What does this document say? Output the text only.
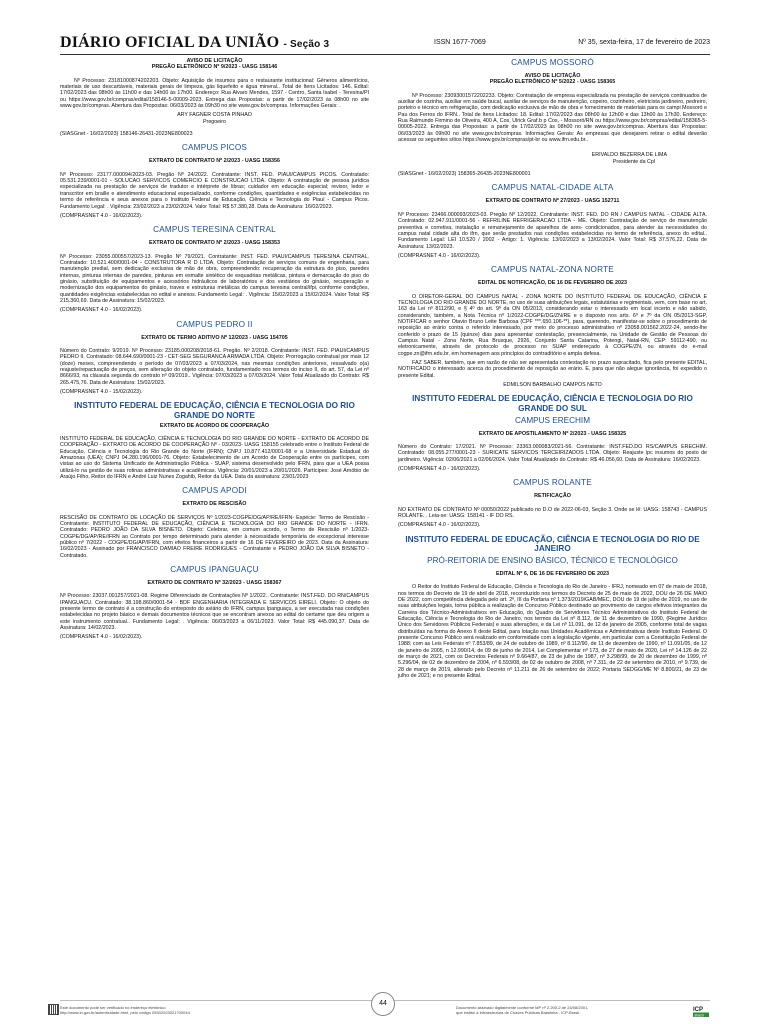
DIÁRIO OFICIAL DA UNIÃO - Seção 3	ISSN 1677-7069	Nº 35, sexta-feira, 17 de fevereiro de 2023

AVISO DE LICITAÇÃO

PREGÃO ELETRÔNICO Nº 9/2023 - UASG 158146

Nº Processo: 23181000874202203. Objeto: Aquisição de insumos para o restaurante institucional: Gêneros alimentícios, materiais de uso descartáveis, materiais gerais de limpeza, gás liquefeito e água mineral.. Total de Itens Licitados: 146. Edital: 17/02/2023 das 08h00 às 11h00 e das 14h00 às 17h00. Endereço: Rua Alvaro Mendes, 1597 - Centro, Santa Isabel - Teresina/PI ou https://www.gov.br/compras/edital/158146-5-00009-2023. Entrega das Propostas: a partir de 17/02/2023 às 08h00 no site www.gov.br/compras. Abertura das Propostas: 06/03/2023 às 09h30 no site www.gov.br/compras. Informações Gerais: .

ARY FAGNER COSTA PINHAO

Pregoeiro

(SIASGnet - 16/02/2023) 158146-26431-2023NE800023

CAMPUS PICOS

EXTRATO DE CONTRATO Nº 2/2023 - UASG 158356

Nº Processo: 23177.000094/2023-03. Pregão Nº 24/2022. Contratante: INST. FED. PIAUI/CAMPUS PICOS. Contratado: 05.531.239/0001-01 - SOLUCAO SERVICOS COMERCIO E CONSTRUCAO LTDA. Objeto: A contratação de pessoa jurídica especializada na prestação de serviços de tradutor e intérprete de libras; cuidador em educação especial; revisor, ledor e transcritor em braille e atendimento educacional especializado, conforme condições, quantidades e exigências estabelecidas no termo de referência e seus anexos para o Instituto Federal de Educação, Ciência e Tecnologia do Piauí - Campus Picos. Fundamento Legal: . Vigência: 23/02/2023 a 23/02/2024. Valor Total: R$ 57.380,28. Data de Assinatura: 16/02/2023.

(COMPRASNET 4.0 - 16/02/2023).

CAMPUS TERESINA CENTRAL

EXTRATO DE CONTRATO Nº 2/2023 - UASG 158353

Nº Processo: 23055.000557/2023-13. Pregão Nº 79/2021. Contratante: INST. FED. PIAUI/CAMPUS TERESINA CENTRAL. Contratado: 10.521.400/0001-04 - CONSTRUTORA R D LTDA. Objeto: Contratação de serviços comuns de engenharia, para manutenção predial, sem dedicação exclusiva de mão de obra, compreendendo: recuperação da estrutura do piso, paredes internas, pinturas internas de paredes, pinturas em esmalte sintético de esquadrias metálicas, pintura e demarcação do piso do ginásio, substituição de equipamentos e acessórios hidráulicos de laboratórios e dos vestiários do ginásio, recuperação e modernização dos equipamentos do ginásio, traves e estruturas metálicas do campus teresina central/ifpi, conforme condições, quantidades exigências estabelecidas no edital e anexos. Fundamento Legal: . Vigência: 15/02/2023 a 15/02/2024. Valor Total: R$ 215.360,69. Data de Assinatura: 15/02/2023.

(COMPRASNET 4.0 - 16/02/2023).

CAMPUS PEDRO II

EXTRATO DE TERMO ADITIVO Nº 12/2023 - UASG 154705

Número do Contrato: 9/2019. Nº Processo: 23185.000208/2018-61. Pregão. Nº 2/2018. Contratante: INST. FED. PIAUI/CAMPUS PEDRO II. Contratado: 08.644.690/0001-23 - CET-SEG SEGURANCA ARMADA LTDA. Objeto: Prorrogação contratual por mais 12 (doze) meses, compreendendo o período de 07/03/2023 a 07/03/2024, nas mesmas condições anteriores, ressalvado o(a) reajuste/repactuação de preços, sem alteração do objeto contratado, fundamentado nos termos do inciso II, do art. 57, da Lei nº 8666/93, na cláusula segunda do contrato nº 09/2019.. Vigência: 07/03/2023 a 07/03/2024. Valor Total Atualizado do Contrato: R$ 265.475,76. Data de Assinatura: 15/02/2023.

(COMPRASNET 4.0 - 15/02/2023).

INSTITUTO FEDERAL DE EDUCAÇÃO, CIÊNCIA E TECNOLOGIA DO RIO GRANDE DO NORTE

EXTRATO DE ACORDO DE COOPERAÇÃO

INSTITUTO FEDERAL DE EDUCAÇÃO, CIÊNCIA E TECNOLOGIA DO RIO GRANDE DO NORTE - EXTRATO DE ACORDO DE COOPERAÇÃO - EXTRATO DE ACORDO DE COOPERAÇÃO Nº - 03/2023- UASG 158155 celebrado entre o Instituto Federal de Educação, Ciência e Tecnologia do Rio Grande do Norte (IFRN); CNPJ 10.877.412/0001-68 e a Universidade Estadual do Amazonas (UEA); CNPJ 04.280.196/0001-76. Objeto: Estabelecimento de um Acordo de Cooperação entre os partícipes, com vistas ao uso do Sistema Unificado de Administração Pública - SUAP, sistema desenvolvido pelo IFRN, para que a UEA possa utilizá-lo na gestão de suas rotinas administrativas e acadêmicas. Vigência: 20/01/2023 a 20/01/2026. Partícipes: José Arnóbio de Araújo Filho, Reitor do IFRN e André Luiz Nunes Zogahib, Reitor da UEA. Data da assinatura: 23/01/2023

CAMPUS APODI

EXTRATO DE RESCISÃO

RESCISÃO DE CONTRATO DE LOCAÇÃO DE SERVIÇOS Nº 1/2023-COGPE/DG/AP/RE/IFRN- Espécie: Termo de Rescisão - Contratante: INSTITUTO FEDERAL DE EDUCAÇÃO, CIÊNCIA E TECNOLOGIA DO RIO GRANDE DO NORTE - IFRN. Contratado: PEDRO JOÃO DA SILVA BISNETO. Objeto: Celebrar, em comum acordo, o Termo de Rescisão nº 1/2023-COGPE/DG/AP/RE/IFRN ao Contrato por tempo determinado para atender à necessidade temporária de excepcional interesse público nº 7/2022 - COGPE/DG/AP/IFRN, com efeitos financeiros a partir de 16 DE FEVEREIRO de 2023. Data da Assinatura: 16/02/2023 - Assinado por FRANCISCO DAMIAO FREIRE RODRIGUES - Contratante e PEDRO JOÃO DA SILVA BISNETO - Contratado.

CAMPUS IPANGUAÇU

EXTRATO DE CONTRATO Nº 32/2023 - UASG 158367

Nº Processo: 23037.001257/2021-08. Regime Diferenciado de Contratações Nº 1/2022.. Contratante: INST.FED. DO RN/CAMPUS IPANGUACU. Contratado: 38.198.860/0001-54 - BDF ENGENHARIA INTEGRADA E SERVICOS EIRELI. Objeto: O objeto do presente termo de contrato é a construção do entreposto do aviário do IFRN, campus Ipanguaçu, a ser executada nas condições estabelecidas no projeto básico e demais documentos técnicos que se encontram anexos ao edital do certame que deu origem a este instrumento contratual.. Fundamento Legal: . Vigência: 06/03/2023 a 06/11/2023. Valor Total: R$ 445.090,37. Data de Assinatura: 14/02/2023.

(COMPRASNET 4.0 - 16/02/2023).

CAMPUS MOSSORÓ

AVISO DE LICITAÇÃO

PREGÃO ELETRÔNICO Nº 5/2022 - UASG 158365

Nº Processo: 23093001572202233. Objeto: Contratação de empresa especializada na prestação de serviços continuados de auxiliar de cozinha, auxiliar em saúde bucal, auxiliar de serviços de manutenção, copeiro, cozinheiro, eletricista jardineiro, pedreiro, porteiro e técnico em refrigeração, com dedicação exclusiva de mão de obra e fornecimento de materiais para os campi Mossoró e Pau dos Ferros do IFRN.. Total de Itens Licitados: 18. Edital: 17/02/2023 das 08h00 às 12h00 e das 13h00 às 17h30. Endereço: Rua Raimundo Firmino de Oliveira, 400 A, Cos, Ulrick Graf.b p Cos, - Mossoró/RN ou https://www.gov.br/compras/edital/158365-5-00005-2022. Entrega das Propostas: a partir de 17/02/2023 às 08h00 no site www.gov.br/compras. Abertura das Propostas: 06/03/2023 às 09h00 no site www.gov.br/compras. Informações Gerais: As empresas que desejarem retirar o edital deverão acessar os seguintes sítios https://www.gov.br/compras/pt-br ou www.ifrn.edu.br..

ERIVALDO BEZERRA DE LIMA

Presidente da Cpl

(SIASGnet - 16/02/2023) 158365-26435-2023NE800001

CAMPUS NATAL-CIDADE ALTA

EXTRATO DE CONTRATO Nº 27/2023 - UASG 152711

Nº Processo: 23466.000093/2023-03. Pregão Nº 12/2022. Contratante: INST. FED. DO RN / CAMPUS NATAL - CIDADE ALTA. Contratado: 02.947.911/0001-56 - REFRILINE REFRIGERACAO LTDA - ME. Objeto: Contratação de serviço de manutenção preventiva e corretiva, instalação e remanejamento de aparelhos de ares- condicionados, para atender às necessidades do campus natal cidade alta do ifrn, que serão prestados nas condições estabelecidas no termo de referência, anexo do edital.. Fundamento Legal: LEI 10.520 / 2002 - Artigo: 1. Vigência: 13/02/2023 a 13/02/2024. Valor Total: R$ 37.576,22. Data de Assinatura: 13/02/2023.

(COMPRASNET 4.0 - 16/02/2023).

CAMPUS NATAL-ZONA NORTE

EDITAL DE NOTIFICAÇÃO, DE 16 DE FEVEREIRO DE 2023

O DIRETOR-GERAL DO CAMPUS NATAL - ZONA NORTE DO INSTITUTO FEDERAL DE EDUCAÇÃO, CIÊNCIA E TECNOLOGIA DO RIO GRANDE DO NORTE, no uso de suas atribuições legais, estatutárias e regimentais, vem, com base no art. 163 da Lei nº 8112/90, e § 4º do art. 9º da ON 05/2013, considerando estar o interessado em local incerto e não sabido, considerando, também, a Nota Técnica nº 1/2022-COGPE/DG/ZN/RE e o disposto nos arts. 6º e 7º da ON 05/2013-SGP, NOTIFICAR o senhor Otavio Bruno Leite Barbosa (CPF ***.650.106-**), para, querendo, manifestar-se sobre o procedimento de reposição ao erário contra o referido interessado, por meio do processo administrativo nº 23058.001562.2022-24, sendo-lhe conferido o prazo de 15 (quinze) dias para apresentar contestação, presencialmente, na Unidade de Gestão de Pessoas do Campus Natal - Zona Norte, Rua Brusque, 2926, Conjunto Santa Catarina, Potengi, Natal-RN, CEP: 59112-490, ou eletronicamente, através de protocolo de processo no SUAP endereçado à COGPE/ZN, ou através do e-mail cogpe.zn@ifrn.edu.br, em homenagem aos princípios do contraditório e ampla defesa.

FAZ SABER, também, que em razão de não ser apresentada contestação no prazo supracitado, fica pelo presente EDITAL, NOTIFICADO o interessado acerca do procedimento de reposição ao erário. E, para que não alegue ignorância, foi expedido o presente Edital.

EDMILSON BARBALHO CAMPOS NETO

INSTITUTO FEDERAL DE EDUCAÇÃO, CIÊNCIA E TECNOLOGIA DO RIO GRANDE DO SUL
CAMPUS ERECHIM

EXTRATO DE APOSTILAMENTO Nº 2/2023 - UASG 158325

Número do Contrato: 17/2021. Nº Processo: 23363.000083/2021-56. Contratante: INST.FED.DO RS/CAMPUS ERECHIM. Contratado: 08.055.277/0001-23 - SURICATE SERVICOS TERCEIRIZADOS LTDA. Objeto: Reajuste ipc insumos do posto de jardineiro. Vigência: 02/06/2021 a 02/06/2024. Valor Total Atualizado do Contrato: R$ 46.056,60. Data de Assinatura: 16/02/2023.

(COMPRASNET 4.0 - 16/02/2023).

CAMPUS ROLANTE

RETIFICAÇÃO

NO EXTRATO DE CONTRATO Nº 00050/2022 publicado no D.O de 2022-06-03, Seção 3. Onde se lê: UASG: 158743 - CAMPUS ROLANTE. . Leia-se: UASG: 158141 - IF DO RS.

(COMPRASNET 4.0 - 16/02/2023).

INSTITUTO FEDERAL DE EDUCAÇÃO, CIÊNCIA E TECNOLOGIA DO RIO DE JANEIRO
PRÓ-REITORIA DE ENSINO BÁSICO, TÉCNICO E TECNOLÓGICO

EDITAL Nº 6, DE 16 DE FEVEREIRO DE 2023

O Reitor do Instituto Federal de Educação, Ciência e Tecnologia do Rio de Janeiro - IFRJ, nomeado em 07 de maio de 2018, nos termos do Decreto de 19 de abril de 2018, reconduzido nos termos do Decreto de 25 de maio de 2022, DOU de 26 DE MAIO DE 2022, com competência delegada pelo art. 2º, III da Portaria nº 1.373/2019/GAB/MEC, DOU de 19 de julho de 2019, no uso de suas atribuições legais, torna pública a realização de Concurso Público destinado ao provimento de cargos efetivos integrantes da Carreira dos Técnico-Administrativos em Educação, do Quadro de Servidores Técnico Administrativos do Instituto Federal de Educação, Ciência e Tecnologia do Rio de Janeiro, nos termos da Lei nº 8.112, de 11 de dezembro de 1990, (Regime Jurídico Único dos Servidores Públicos Federais) e suas alterações, e da Lei nº 11.091, de 12 de janeiro de 2005, conforme total de vagas distribuídas na forma do Anexo II deste Edital, para lotação nas Unidades Acadêmicas e Administrativas deste Instituto Federal. O presente Concurso Público será realizado em conformidade com a legislação vigente, em particular com a Constituição Federal de 1988; com as Leis Federais nº 7.853/89, de 24 de outubro de 1989, nº 8.112/90, de 11 de dezembro de 1990, nº 11.091/05, de 12 de janeiro de 2005, n 12.990/14, de 09 de junho de 2014, Lei Complementar nº 173, de 27 de maio de 2020, Lei nº 14.126 de 22 de março de 2021, com os Decretos Federais nº 9.664/87, de 23 de julho de 1987, nº 3.298/99, de 20 de dezembro de 1999, nº 5.296/04, de 02 de dezembro de 2004, nº 6.593/08, de 02 de outubro de 2008, nº 7.311, de 22 de setembro de 2010, nº 9.739, de 28 de março de 2019, alterado pelo Decreto nº 11.211 de 26 de setembro de 2022; Portaria SEDGG/ME Nº 8.800/21, de 23 de julho de 2021; e no presente Edital.

Este documento pode ser verificado no endereço eletrônico
http://www.in.gov.br/autenticidade.html, pelo código 05302023021700044
44
Documento assinado digitalmente conforme MP nº 2.200-2 de 24/08/2001,
que institui a Infraestrutura de Chaves Públicas Brasileira - ICP-Brasil.	ICP
Brasil
